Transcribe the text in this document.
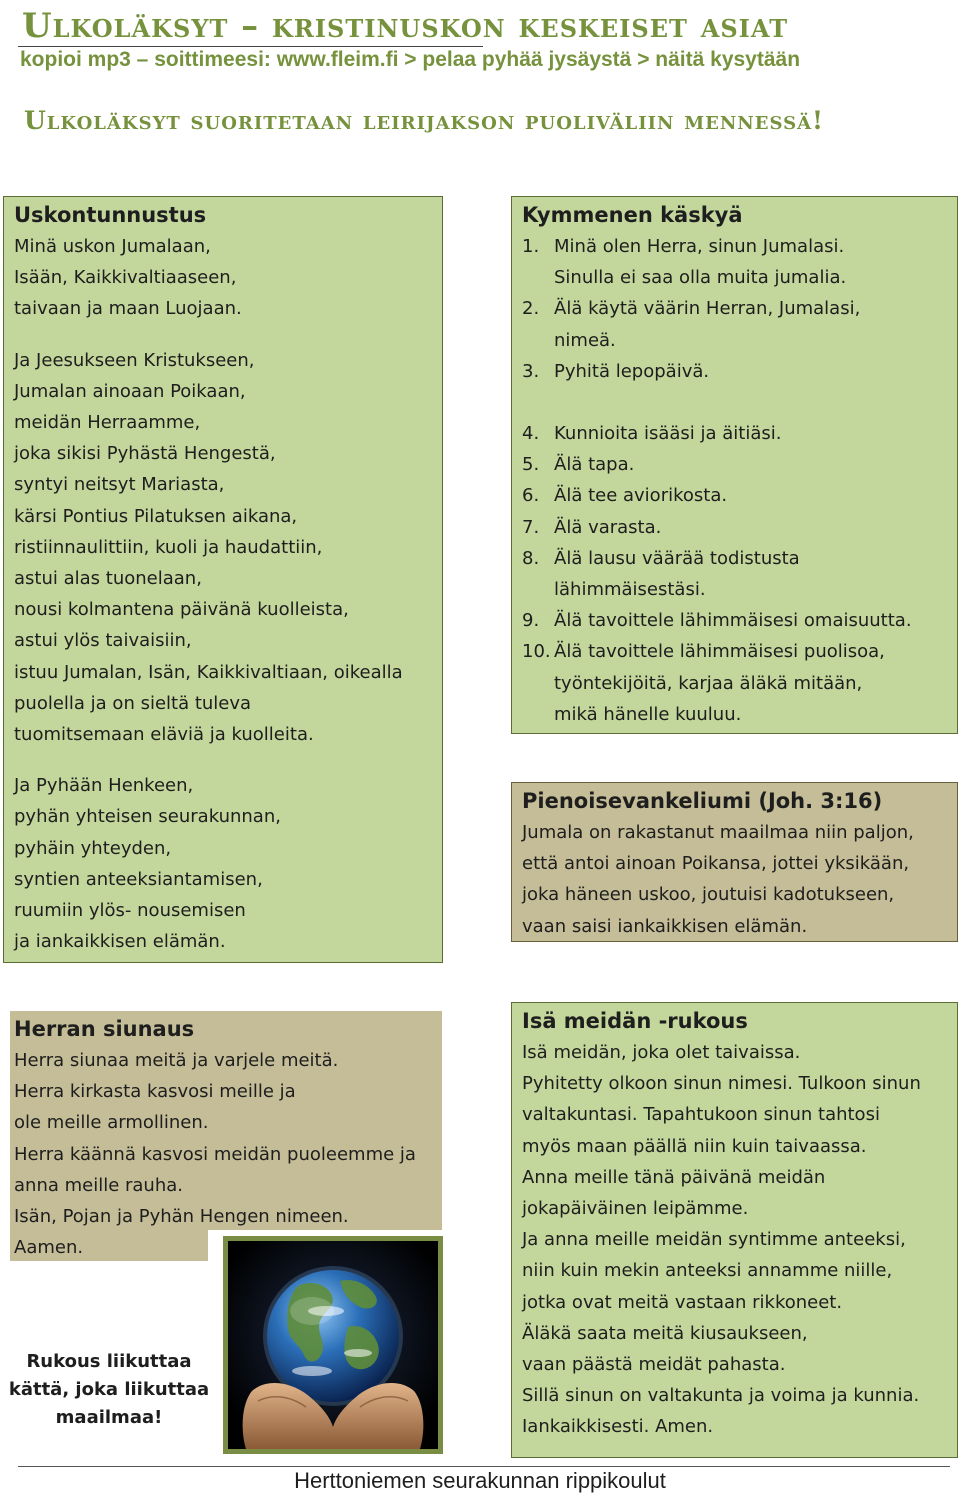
Ulkoläksyt – kristinuskon keskeiset asiat
kopioi mp3 – soittimeesi: www.fleim.fi > pelaa pyhää jysäystä > näitä kysytään
Ulkoläksyt suoritetaan leirijakson puoliväliin mennessä!
Uskontunnustus
Minä uskon Jumalaan,
Isään, Kaikkivaltiaaseen,
taivaan ja maan Luojaan.
Ja Jeesukseen Kristukseen,
Jumalan ainoaan Poikaan,
meidän Herraamme,
joka sikisi Pyhästä Hengestä,
syntyi neitsyt Mariasta,
kärsi Pontius Pilatuksen aikana,
ristiinnaulittiin, kuoli ja haudattiin,
astui alas tuonelaan,
nousi kolmantena päivänä kuolleista,
astui ylös taivaisiin,
istuu Jumalan, Isän, Kaikkivaltiaan, oikealla
puolella ja on sieltä tuleva
tuomitsemaan eläviä ja kuolleita.
Ja Pyhään Henkeen,
pyhän yhteisen seurakunnan,
pyhäin yhteyden,
syntien anteeksiantamisen,
ruumiin ylös- nousemisen
ja iankaikkisen elämän.
Kymmenen käskyä
1. Minä olen Herra, sinun Jumalasi.
Sinulla ei saa olla muita jumalia.
2. Älä käytä väärin Herran, Jumalasi,
nimeä.
3. Pyhitä lepopäivä.
4. Kunnioita isääsi ja äitiäsi.
5. Älä tapa.
6. Älä tee aviorikosta.
7. Älä varasta.
8. Älä lausu väärää todistusta
lähimmäisestäsi.
9. Älä tavoittele lähimmäisesi omaisuutta.
10. Älä tavoittele lähimmäisesi puolisoa,
työntekijöitä, karjaa äläkä mitään,
mikä hänelle kuuluu.
Pienoisevankeliumi (Joh. 3:16)
Jumala on rakastanut maailmaa niin paljon,
että antoi ainoan Poikansa, jottei yksikään,
joka häneen uskoo, joutuisi kadotukseen,
vaan saisi iankaikkisen elämän.
Herran siunaus
Herra siunaa meitä ja varjele meitä.
Herra kirkasta kasvosi meille ja
ole meille armollinen.
Herra käännä kasvosi meidän puoleemme ja
anna meille rauha.
Isän, Pojan ja Pyhän Hengen nimeen.
Aamen.
Isä meidän -rukous
Isä meidän, joka olet taivaissa.
Pyhitetty olkoon sinun nimesi. Tulkoon sinun
valtakuntasi. Tapahtukoon sinun tahtosi
myös maan päällä niin kuin taivaassa.
Anna meille tänä päivänä meidän
jokapäiväinen leipämme.
Ja anna meille meidän syntimme anteeksi,
niin kuin mekin anteeksi annamme niille,
jotka ovat meitä vastaan rikkoneet.
Äläkä saata meitä kiusaukseen,
vaan päästä meidät pahasta.
Sillä sinun on valtakunta ja voima ja kunnia.
Iankaikkisesti. Amen.
Rukous liikuttaa
kättä, joka liikuttaa
maailmaa!
Herttoniemen seurakunnan rippikoulut
